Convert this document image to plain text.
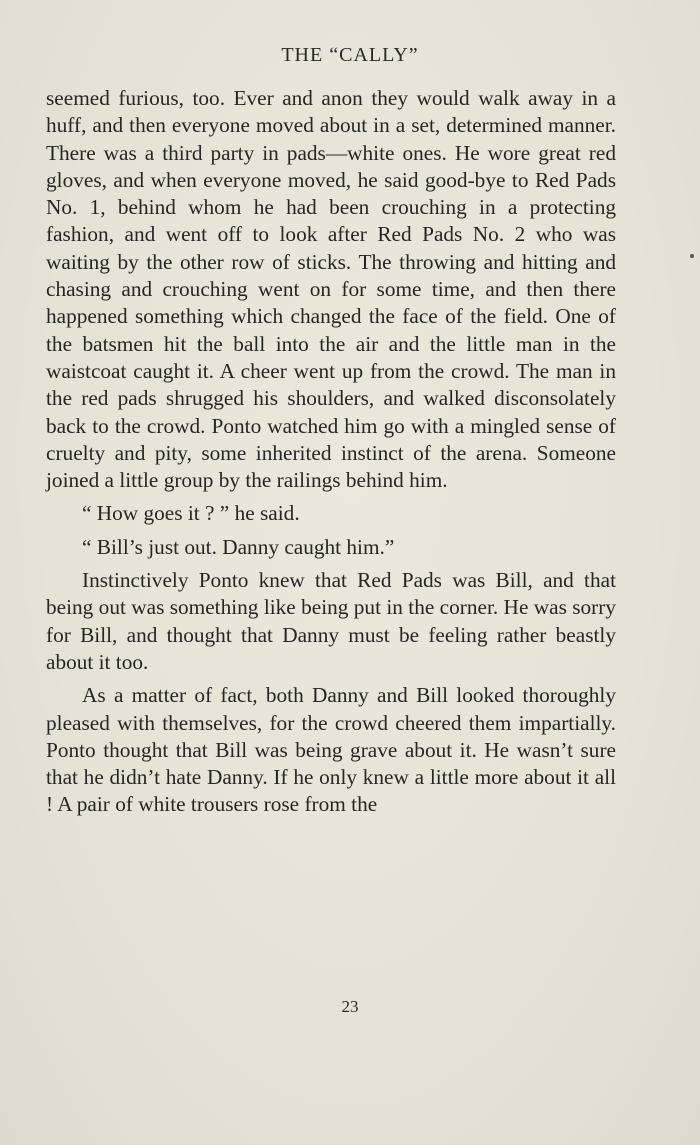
THE “CALLY”

seemed furious, too. Ever and anon they would walk away in a huff, and then everyone moved about in a set, determined manner. There was a third party in pads—white ones. He wore great red gloves, and when everyone moved, he said good-bye to Red Pads No. 1, behind whom he had been crouching in a protecting fashion, and went off to look after Red Pads No. 2 who was waiting by the other row of sticks. The throwing and hitting and chasing and crouching went on for some time, and then there happened something which changed the face of the field. One of the batsmen hit the ball into the air and the little man in the waistcoat caught it. A cheer went up from the crowd. The man in the red pads shrugged his shoulders, and walked disconsolately back to the crowd. Ponto watched him go with a mingled sense of cruelty and pity, some inherited instinct of the arena. Someone joined a little group by the railings behind him.

“ How goes it ? ” he said.

“ Bill’s just out. Danny caught him.”

Instinctively Ponto knew that Red Pads was Bill, and that being out was something like being put in the corner. He was sorry for Bill, and thought that Danny must be feeling rather beastly about it too.

As a matter of fact, both Danny and Bill looked thoroughly pleased with themselves, for the crowd cheered them impartially. Ponto thought that Bill was being grave about it. He wasn’t sure that he didn’t hate Danny. If he only knew a little more about it all ! A pair of white trousers rose from the

23
